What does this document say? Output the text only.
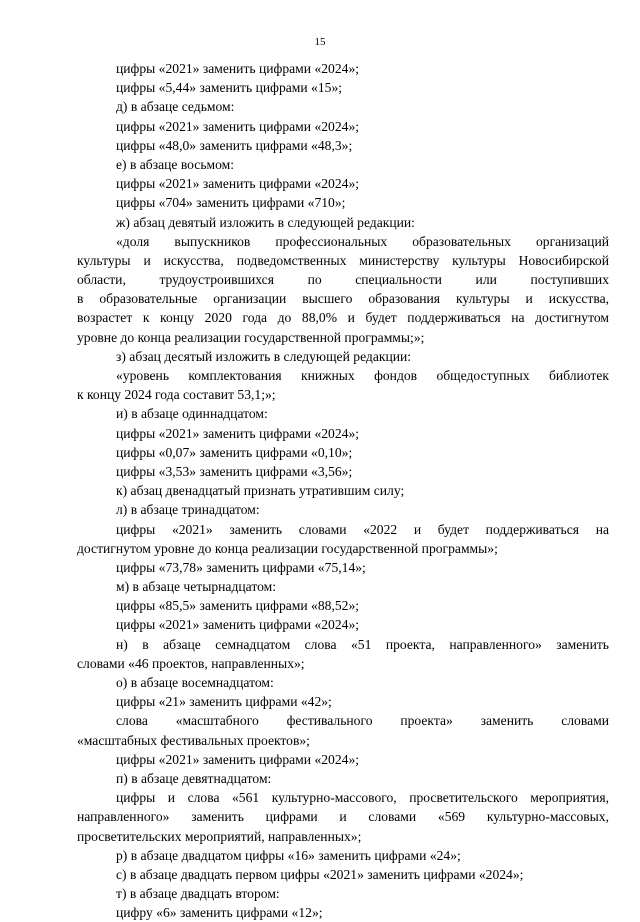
15
цифры «2021» заменить цифрами «2024»;
цифры «5,44» заменить цифрами «15»;
д) в абзаце седьмом:
цифры «2021» заменить цифрами «2024»;
цифры «48,0» заменить цифрами «48,3»;
е) в абзаце восьмом:
цифры «2021» заменить цифрами «2024»;
цифры «704» заменить цифрами «710»;
ж) абзац девятый изложить в следующей редакции:
«доля выпускников профессиональных образовательных организаций
культуры и искусства, подведомственных министерству культуры Новосибирской
области, трудоустроившихся по специальности или поступивших
в образовательные организации высшего образования культуры и искусства,
возрастет к концу 2020 года до 88,0% и будет поддерживаться на достигнутом
уровне до конца реализации государственной программы;»;
з) абзац десятый изложить в следующей редакции:
«уровень комплектования книжных фондов общедоступных библиотек
к концу 2024 года составит 53,1;»;
и) в абзаце одиннадцатом:
цифры «2021» заменить цифрами «2024»;
цифры «0,07» заменить цифрами «0,10»;
цифры «3,53» заменить цифрами «3,56»;
к) абзац двенадцатый признать утратившим силу;
л) в абзаце тринадцатом:
цифры «2021» заменить словами «2022 и будет поддерживаться на
достигнутом уровне до конца реализации государственной программы»;
цифры «73,78» заменить цифрами «75,14»;
м) в абзаце четырнадцатом:
цифры «85,5» заменить цифрами «88,52»;
цифры «2021» заменить цифрами «2024»;
н) в абзаце семнадцатом слова «51 проекта, направленного» заменить
словами «46 проектов, направленных»;
о) в абзаце восемнадцатом:
цифры «21» заменить цифрами «42»;
слова «масштабного фестивального проекта» заменить словами
«масштабных фестивальных проектов»;
цифры «2021» заменить цифрами «2024»;
п) в абзаце девятнадцатом:
цифры и слова «561 культурно-массового, просветительского мероприятия,
направленного» заменить цифрами и словами «569 культурно-массовых,
просветительских мероприятий, направленных»;
р) в абзаце двадцатом цифры «16» заменить цифрами «24»;
с) в абзаце двадцать первом цифры «2021» заменить цифрами «2024»;
т) в абзаце двадцать втором:
цифру «6» заменить цифрами «12»;
